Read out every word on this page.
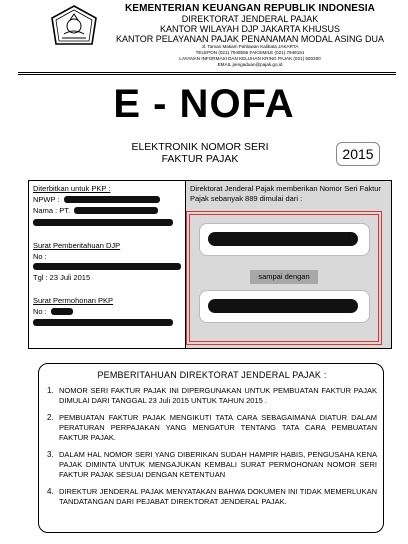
KEMENTERIAN KEUANGAN REPUBLIK INDONESIA
DIREKTORAT JENDERAL PAJAK
KANTOR WILAYAH DJP JAKARTA KHUSUS
KANTOR PELAYANAN PAJAK PENANAMAN MODAL ASING DUA
Jl. Taman Makam Pahlawan Kalibata JAKARTA
TELEPON (021) 7948556 FAKSIMILE (021) 7948191
LAYANAN INFORMASI DAN KELUHAN KRING PAJAK (021) 500200
EMAIL pengaduan@pajak.go.id
E - NOFA
ELEKTRONIK NOMOR SERI
FAKTUR PAJAK	2015
Diterbitkan untuk PKP :
NPWP :
Nama : PT.
Surat Pemberitahuan DJP
No :
Tgl : 23 Juli 2015
Surat Permohonan PKP
No :
Direktorat Jenderal Pajak memberikan Nomor Seri Faktur Pajak sebanyak 889 dimulai dari :
sampai dengan
PEMBERITAHUAN DIREKTORAT JENDERAL PAJAK :
1. NOMOR SERI FAKTUR PAJAK INI DIPERGUNAKAN UNTUK PEMBUATAN FAKTUR PAJAK DIMULAI DARI TANGGAL 23 Juli 2015 UNTUK TAHUN 2015 .
2. PEMBUATAN FAKTUR PAJAK MENGIKUTI TATA CARA SEBAGAIMANA DIATUR DALAM PERATURAN PERPAJAKAN YANG MENGATUR TENTANG TATA CARA PEMBUATAN FAKTUR PAJAK.
3. DALAM HAL NOMOR SERI YANG DIBERIKAN SUDAH HAMPIR HABIS, PENGUSAHA KENA PAJAK DIMINTA UNTUK MENGAJUKAN KEMBALI SURAT PERMOHONAN NOMOR SERI FAKTUR PAJAK SESUAI DENGAN KETENTUAN
4. DIREKTUR JENDERAL PAJAK MENYATAKAN BAHWA DOKUMEN INI TIDAK MEMERLUKAN TANDATANGAN DARI PEJABAT DIREKTORAT JENDERAL PAJAK.
